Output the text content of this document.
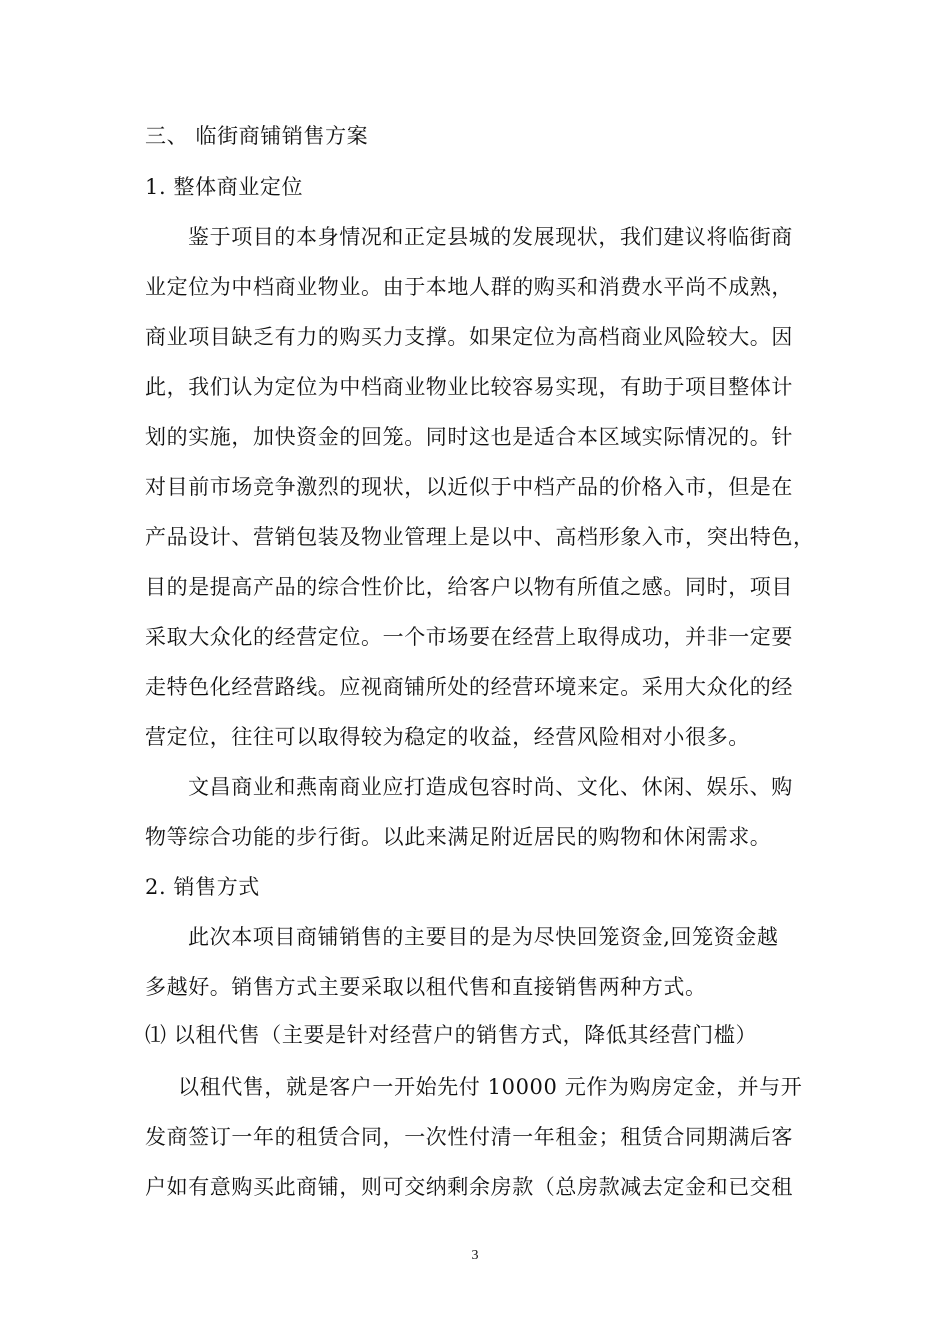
三、 临街商铺销售方案
1. 整体商业定位
鉴于项目的本身情况和正定县城的发展现状，我们建议将临街商
业定位为中档商业物业。由于本地人群的购买和消费水平尚不成熟，
商业项目缺乏有力的购买力支撑。如果定位为高档商业风险较大。因
此，我们认为定位为中档商业物业比较容易实现，有助于项目整体计
划的实施，加快资金的回笼。同时这也是适合本区域实际情况的。针
对目前市场竞争激烈的现状，以近似于中档产品的价格入市，但是在
产品设计、营销包装及物业管理上是以中、高档形象入市，突出特色，
目的是提高产品的综合性价比，给客户以物有所值之感。同时，项目
采取大众化的经营定位。一个市场要在经营上取得成功，并非一定要
走特色化经营路线。应视商铺所处的经营环境来定。采用大众化的经
营定位，往往可以取得较为稳定的收益，经营风险相对小很多。
文昌商业和燕南商业应打造成包容时尚、文化、休闲、娱乐、购
物等综合功能的步行街。以此来满足附近居民的购物和休闲需求。
2. 销售方式
此次本项目商铺销售的主要目的是为尽快回笼资金,回笼资金越
多越好。销售方式主要采取以租代售和直接销售两种方式。
⑴ 以租代售（主要是针对经营户的销售方式，降低其经营门槛）
以租代售，就是客户一开始先付 10000 元作为购房定金，并与开
发商签订一年的租赁合同，一次性付清一年租金；租赁合同期满后客
户如有意购买此商铺，则可交纳剩余房款（总房款减去定金和已交租
3
